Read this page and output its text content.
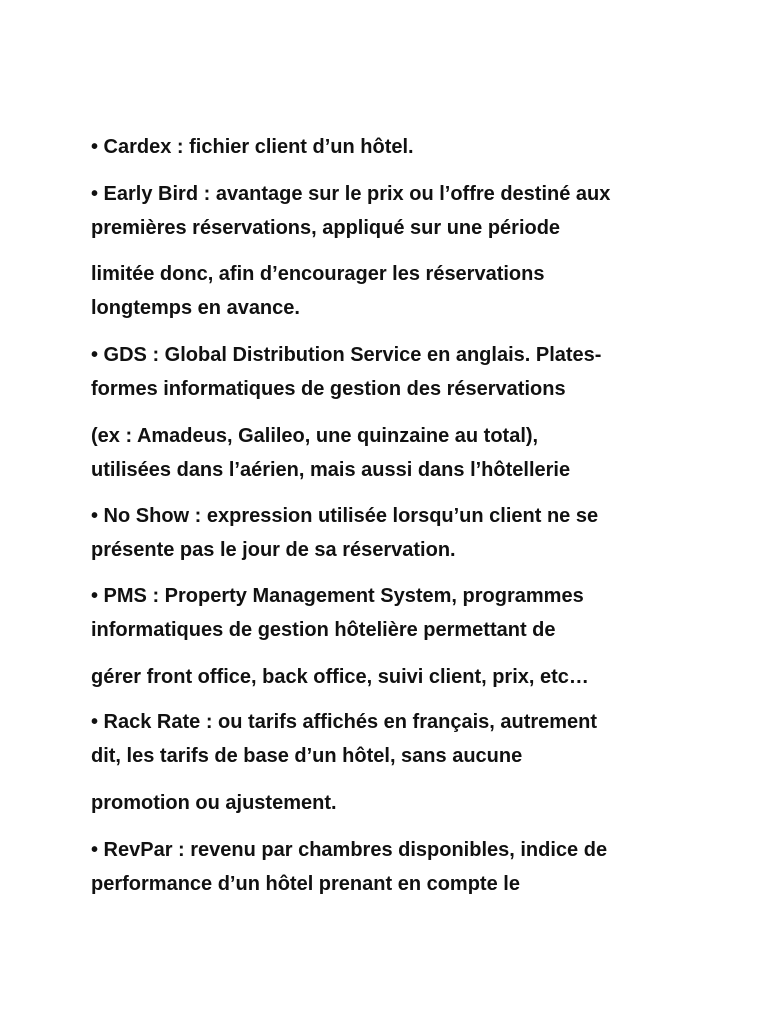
• Cardex : fichier client d’un hôtel.
• Early Bird : avantage sur le prix ou l’offre destiné aux
premières réservations, appliqué sur une période
limitée donc, afin d’encourager les réservations
longtemps en avance.
• GDS : Global Distribution Service en anglais. Plates-
formes informatiques de gestion des réservations
(ex : Amadeus, Galileo, une quinzaine au total),
utilisées dans l’aérien, mais aussi dans l’hôtellerie
• No Show : expression utilisée lorsqu’un client ne se
présente pas le jour de sa réservation.
• PMS : Property Management System, programmes
informatiques de gestion hôtelière permettant de
gérer front office, back office, suivi client, prix, etc…
• Rack Rate : ou tarifs affichés en français, autrement
dit, les tarifs de base d’un hôtel, sans aucune
promotion ou ajustement.
• RevPar : revenu par chambres disponibles, indice de
performance d’un hôtel prenant en compte le
